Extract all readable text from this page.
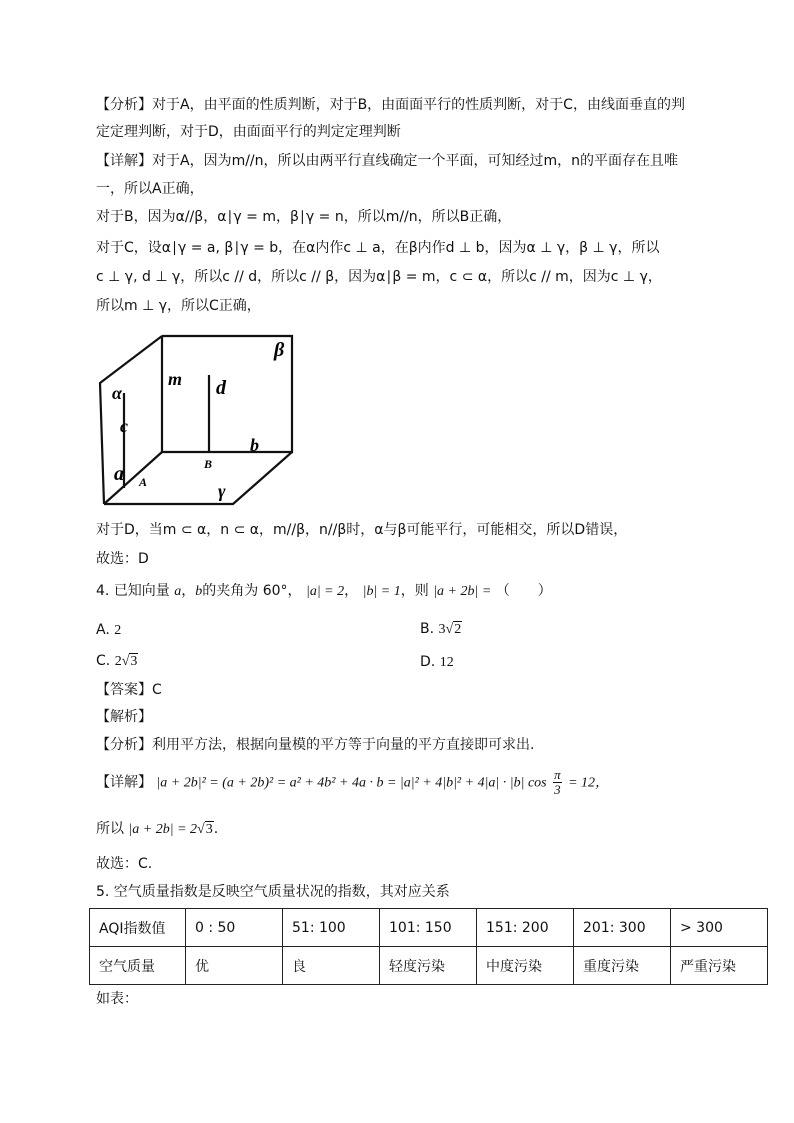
【分析】对于A，由平面的性质判断，对于B，由面面平行的性质判断，对于C，由线面垂直的判
定定理判断，对于D，由面面平行的判定定理判断
【详解】对于A，因为m//n，所以由两平行直线确定一个平面，可知经过m，n的平面存在且唯
一，所以A正确，
对于B，因为α//β，α∣γ = m，β∣γ = n，所以m//n，所以B正确，
对于C，设α∣γ = a, β∣γ = b，在α内作c ⊥ a，在β内作d ⊥ b，因为α ⊥ γ，β ⊥ γ，所以
c ⊥ γ, d ⊥ γ，所以c // d，所以c // β，因为α∣β = m，c ⊂ α，所以c // m，因为c ⊥ γ，
所以m ⊥ γ，所以C正确，
β
m d
α
c
b
B
a A	γ
对于D，当m ⊂ α，n ⊂ α，m//β，n//β时，α与β可能平行，可能相交，所以D错误，
故选：D
4. 已知向量 a，b的夹角为 60°， |a| = 2， |b| = 1，则 |a + 2b| = （　　）
A. 2	B. 3√2
C. 2√3	D. 12
【答案】C
【解析】
【分析】利用平方法，根据向量模的平方等于向量的平方直接即可求出.
【详解】 |a + 2b|² = (a + 2b)² = a² + 4b² + 4a · b = |a|² + 4|b|² + 4|a| · |b| $\cos \frac{\pi}{3} = 12$，
所以 |a + 2b| = 2√3.
故选：C.
5. 空气质量指数是反映空气质量状况的指数，其对应关系
AQI指数值	0 : 50	51: 100	101: 150	151: 200	201: 300	> 300
空气质量	优	良	轻度污染	中度污染	重度污染	严重污染
如表：
